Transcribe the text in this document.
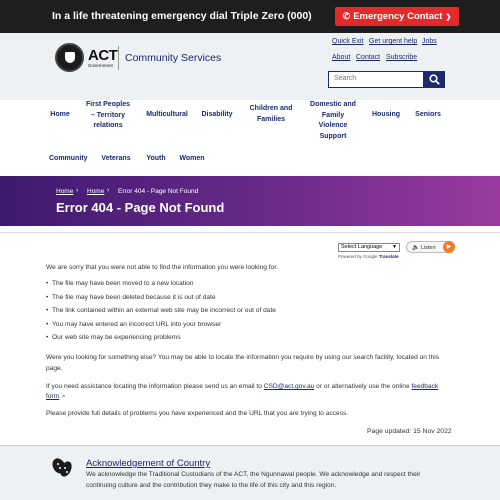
In a life threatening emergency dial Triple Zero (000)	✆ Emergency Contact ❯
ACT
Government
Community Services
Quick Exit Get urgent help Jobs
About Contact Subscribe
Search
Home
First Peoples – Territory relations
Multicultural	Disability
Children and Families
Domestic and Family Violence Support
Housing	Seniors
Community Veterans Youth Women
Home › Home › Error 404 - Page Not Found
Error 404 - Page Not Found
Select Language ▼
Powered by Google Translate
🔈 Listen	▶
We are sorry that you were not able to find the information you were looking for.
• The file may have been moved to a new location
• The file may have been deleted because it is out of date
• The link contained within an external web site may be incorrect or out of date
• You may have entered an incorrect URL into your browser
• Our web site may be experiencing problems
Were you looking for something else? You may be able to locate the information you require by using our search facility, located on this
page.
If you need assistance locating the information please send us an email to CSD@act.gov.au or or alternatively use the online feedback
form ↗
Please provide full details of problems you have experienced and the URL that you are trying to access.
Page updated: 15 Nov 2022
Acknowledgement of Country
We acknowledge the Traditional Custodians of the ACT, the Ngunnawal people. We acknowledge and respect their continuing culture and the contribution they make to the life of this city and this region.
